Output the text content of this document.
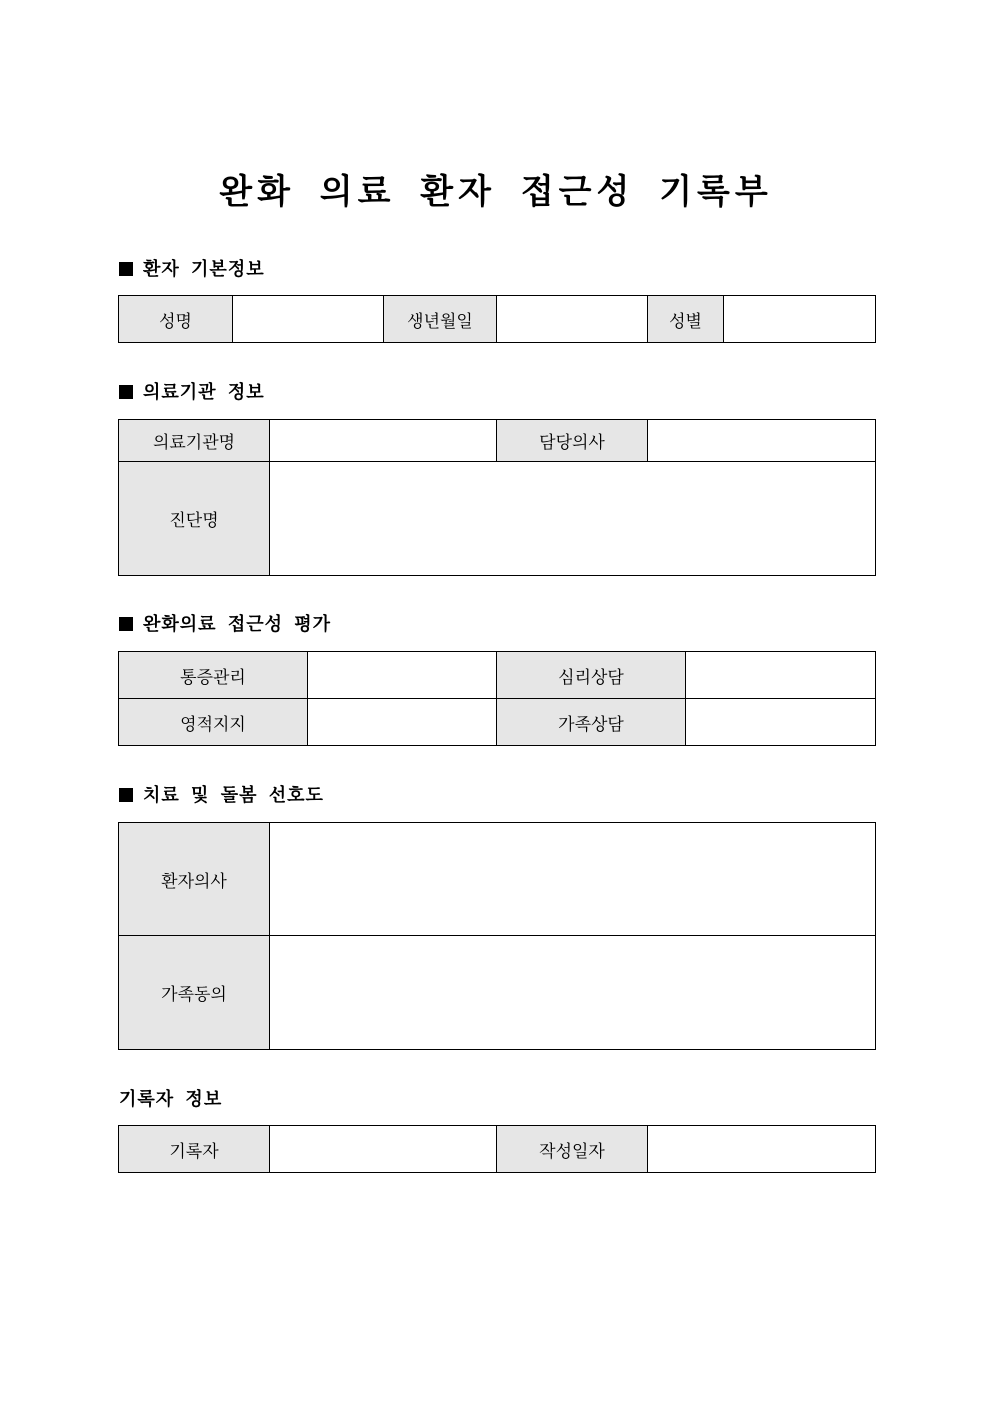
완화 의료 환자 접근성 기록부
환자 기본정보
성명		생년월일		성별	
의료기관 정보
의료기관명		담당의사	
진단명			
완화의료 접근성 평가
통증관리		심리상담	
영적지지		가족상담	
치료 및 돌봄 선호도
환자의사	
가족동의	
기록자 정보
기록자		작성일자	
